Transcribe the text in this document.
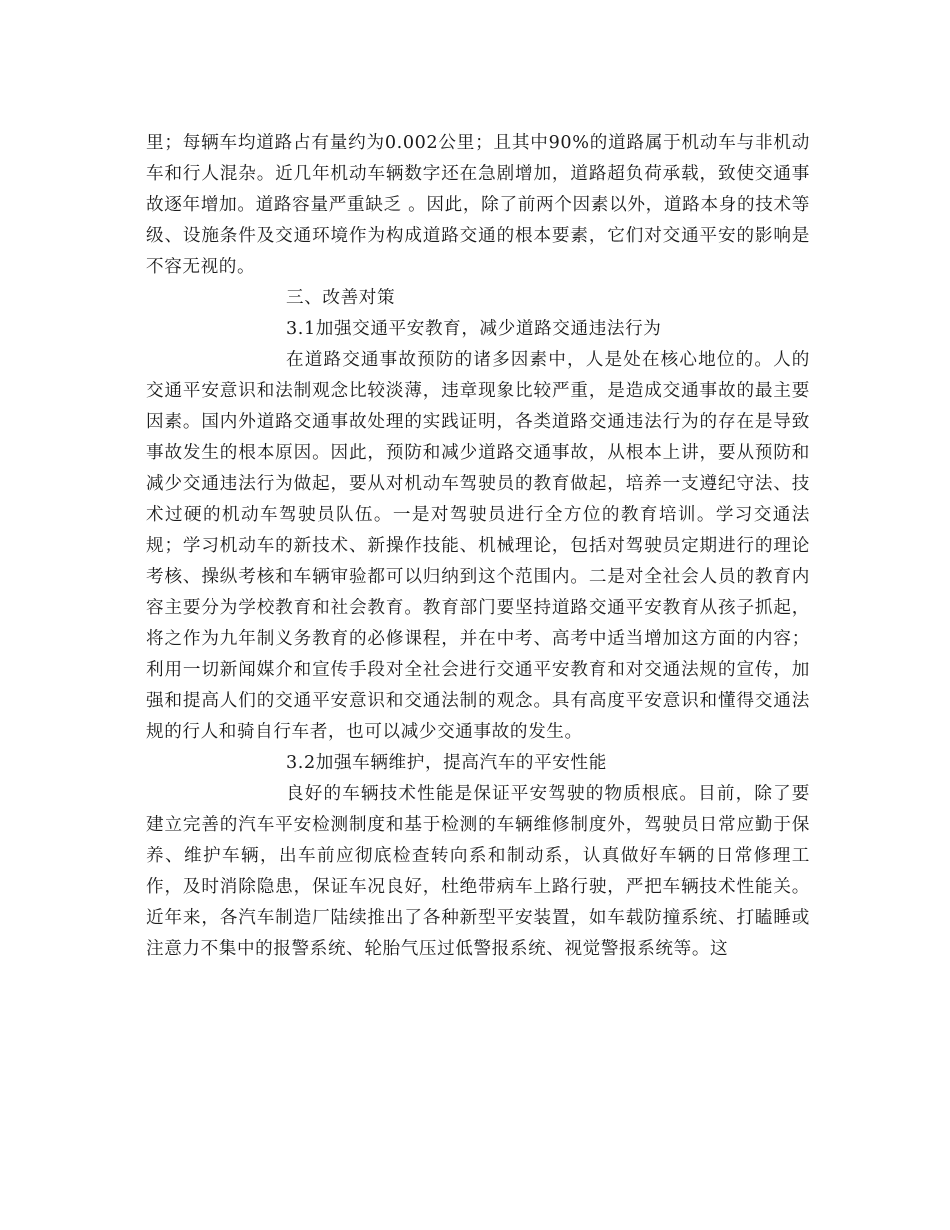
里；每辆车均道路占有量约为0.002公里；且其中90%的道路属于机动车与非机动车和行人混杂。近几年机动车辆数字还在急剧增加，道路超负荷承载，致使交通事故逐年增加。道路容量严重缺乏 。因此，除了前两个因素以外，道路本身的技术等级、设施条件及交通环境作为构成道路交通的根本要素，它们对交通平安的影响是不容无视的。

三、改善对策

3.1加强交通平安教育，减少道路交通违法行为

在道路交通事故预防的诸多因素中，人是处在核心地位的。人的交通平安意识和法制观念比较淡薄，违章现象比较严重，是造成交通事故的最主要因素。国内外道路交通事故处理的实践证明，各类道路交通违法行为的存在是导致事故发生的根本原因。因此，预防和减少道路交通事故，从根本上讲，要从预防和减少交通违法行为做起，要从对机动车驾驶员的教育做起，培养一支遵纪守法、技术过硬的机动车驾驶员队伍。一是对驾驶员进行全方位的教育培训。学习交通法规；学习机动车的新技术、新操作技能、机械理论，包括对驾驶员定期进行的理论考核、操纵考核和车辆审验都可以归纳到这个范围内。二是对全社会人员的教育内容主要分为学校教育和社会教育。教育部门要坚持道路交通平安教育从孩子抓起，将之作为九年制义务教育的必修课程，并在中考、高考中适当增加这方面的内容；利用一切新闻媒介和宣传手段对全社会进行交通平安教育和对交通法规的宣传，加强和提高人们的交通平安意识和交通法制的观念。具有高度平安意识和懂得交通法规的行人和骑自行车者，也可以减少交通事故的发生。

3.2加强车辆维护，提高汽车的平安性能

良好的车辆技术性能是保证平安驾驶的物质根底。目前，除了要建立完善的汽车平安检测制度和基于检测的车辆维修制度外，驾驶员日常应勤于保养、维护车辆，出车前应彻底检查转向系和制动系，认真做好车辆的日常修理工作，及时消除隐患，保证车况良好，杜绝带病车上路行驶，严把车辆技术性能关。近年来，各汽车制造厂陆续推出了各种新型平安装置，如车载防撞系统、打瞌睡或注意力不集中的报警系统、轮胎气压过低警报系统、视觉警报系统等。这
